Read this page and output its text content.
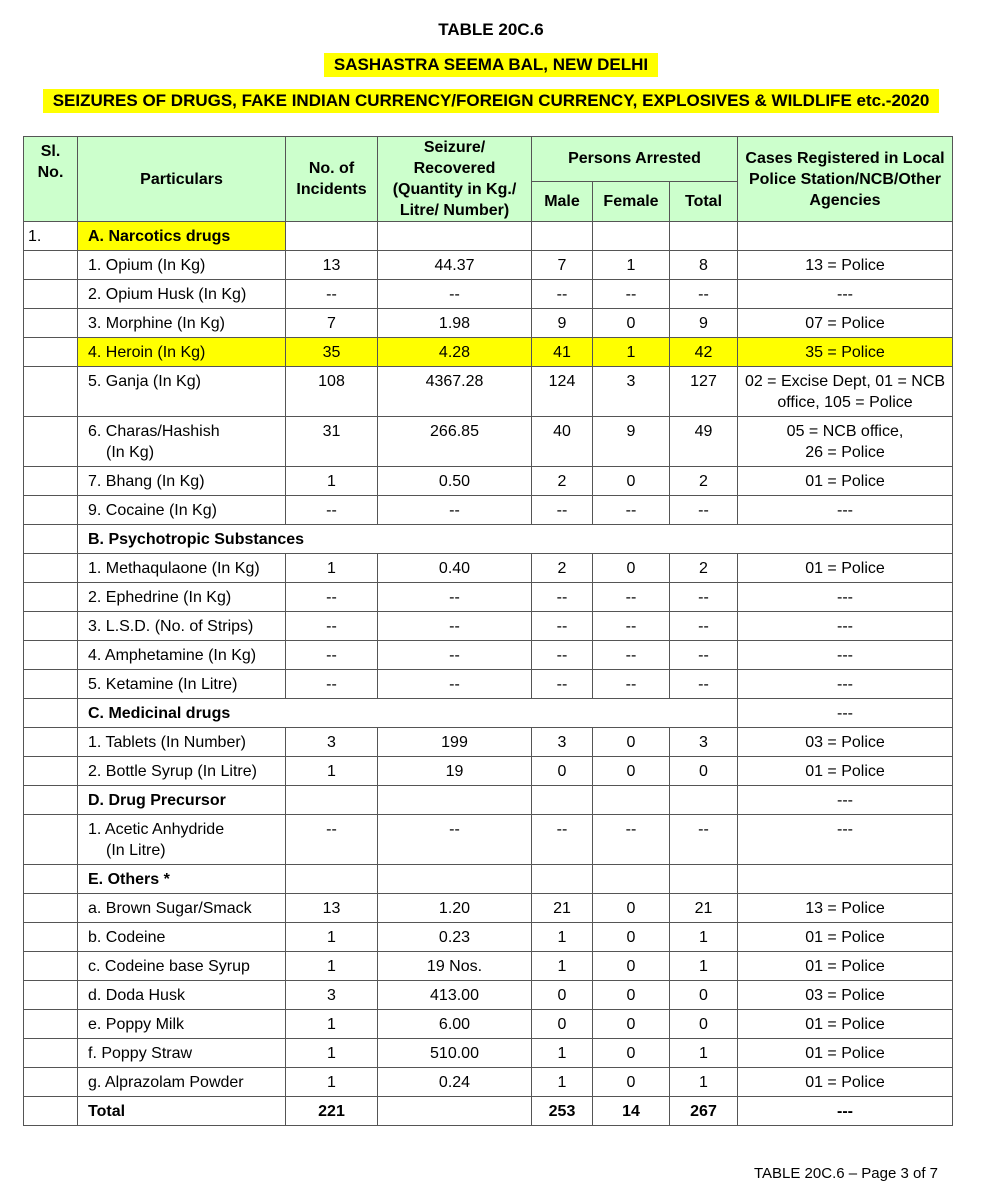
TABLE 20C.6
SASHASTRA SEEMA BAL, NEW DELHI
SEIZURES OF DRUGS, FAKE INDIAN CURRENCY/FOREIGN CURRENCY, EXPLOSIVES & WILDLIFE etc.-2020
Sl. No.	Particulars	No. of Incidents	Seizure/ Recovered (Quantity in Kg./ Litre/ Number)	Persons Arrested			Cases Registered in Local Police Station/NCB/Other Agencies
				Male	Female	Total	
1.	A. Narcotics drugs						
	1. Opium (In Kg)	13	44.37	7	1	8	13 = Police
	2. Opium Husk (In Kg)	--	--	--	--	--	---
	3. Morphine (In Kg)	7	1.98	9	0	9	07 = Police
	4. Heroin (In Kg)	35	4.28	41	1	42	35 = Police
	5. Ganja (In Kg)	108	4367.28	124	3	127	02 = Excise Dept, 01 = NCB office, 105 = Police
	6. Charas/Hashish
(In Kg)	31	266.85	40	9	49	05 = NCB office,
26 = Police
	7. Bhang (In Kg)	1	0.50	2	0	2	01 = Police
	9. Cocaine (In Kg)	--	--	--	--	--	---
	B. Psychotropic Substances						
	1. Methaqulaone (In Kg)	1	0.40	2	0	2	01 = Police
	2. Ephedrine (In Kg)	--	--	--	--	--	---
	3. L.S.D. (No. of Strips)	--	--	--	--	--	---
	4. Amphetamine (In Kg)	--	--	--	--	--	---
	5. Ketamine (In Litre)	--	--	--	--	--	---
	C. Medicinal drugs						---
	1. Tablets (In Number)	3	199	3	0	3	03 = Police
	2. Bottle Syrup (In Litre)	1	19	0	0	0	01 = Police
	D. Drug Precursor						---
	1. Acetic Anhydride
(In Litre)	--	--	--	--	--	---
	E. Others *						
	a. Brown Sugar/Smack	13	1.20	21	0	21	13 = Police
	b. Codeine	1	0.23	1	0	1	01 = Police
	c. Codeine base Syrup	1	19 Nos.	1	0	1	01 = Police
	d. Doda Husk	3	413.00	0	0	0	03 = Police
	e. Poppy Milk	1	6.00	0	0	0	01 = Police
	f. Poppy Straw	1	510.00	1	0	1	01 = Police
	g. Alprazolam Powder	1	0.24	1	0	1	01 = Police
	Total	221		253	14	267	---
TABLE 20C.6 – Page 3 of 7
